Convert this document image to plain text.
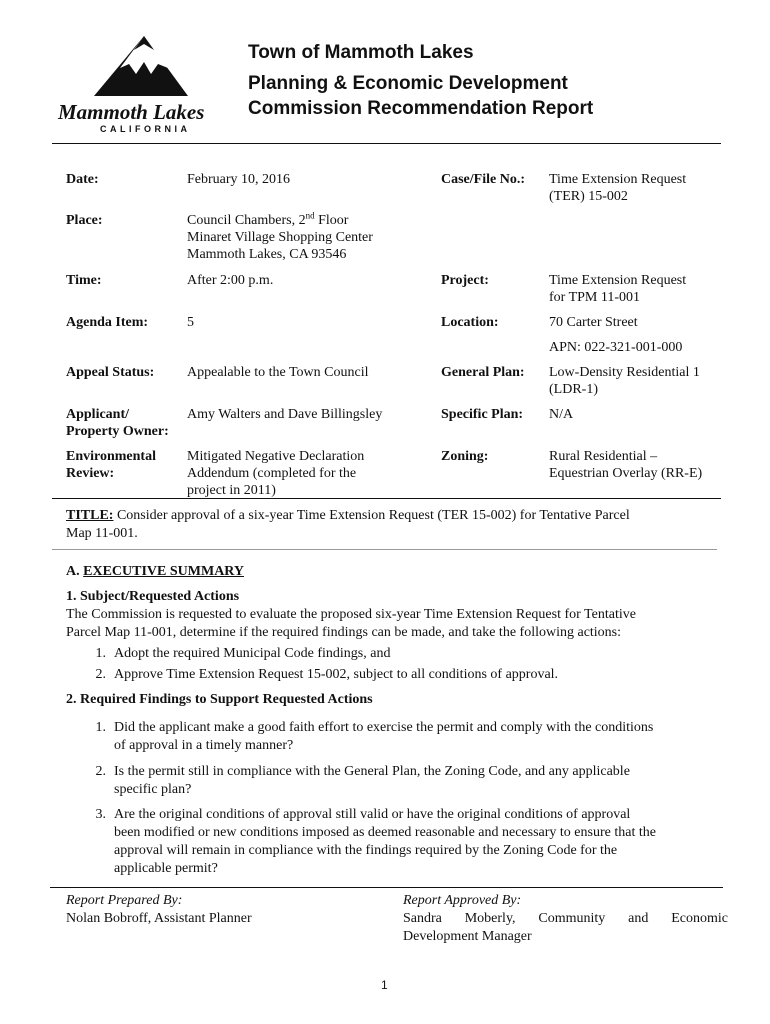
Mammoth Lakes
CALIFORNIA
Town of Mammoth Lakes
Planning & Economic Development
Commission Recommendation Report
Date:	February 10, 2016	Case/File No.: Time Extension Request
(TER) 15-002
Place:	Council Chambers, 2nd Floor
Minaret Village Shopping Center
Mammoth Lakes, CA 93546
Time:	After 2:00 p.m.	Project:	Time Extension Request
for TPM 11-001
Agenda Item:	5	Location:	70 Carter Street
APN: 022-321-001-000
Appeal Status: Appealable to the Town Council	General Plan: Low-Density Residential 1
(LDR-1)
Applicant/
Property Owner:
Amy Walters and Dave Billingsley	Specific Plan: N/A
Environmental
Review:
Mitigated Negative Declaration
Addendum (completed for the
project in 2011)
Zoning:	Rural Residential –
Equestrian Overlay (RR-E)
TITLE: Consider approval of a six-year Time Extension Request (TER 15-002) for Tentative Parcel
Map 11-001.
A. EXECUTIVE SUMMARY
1. Subject/Requested Actions
The Commission is requested to evaluate the proposed six-year Time Extension Request for Tentative
Parcel Map 11-001, determine if the required findings can be made, and take the following actions:
1. Adopt the required Municipal Code findings, and
2. Approve Time Extension Request 15-002, subject to all conditions of approval.
2. Required Findings to Support Requested Actions
1. Did the applicant make a good faith effort to exercise the permit and comply with the conditions
of approval in a timely manner?
2. Is the permit still in compliance with the General Plan, the Zoning Code, and any applicable
specific plan?
3. Are the original conditions of approval still valid or have the original conditions of approval
been modified or new conditions imposed as deemed reasonable and necessary to ensure that the
approval will remain in compliance with the findings required by the Zoning Code for the
applicable permit?
Report Prepared By:
Nolan Bobroff, Assistant Planner
Report Approved By:
Sandra Moberly, Community and Economic
Development Manager
1
